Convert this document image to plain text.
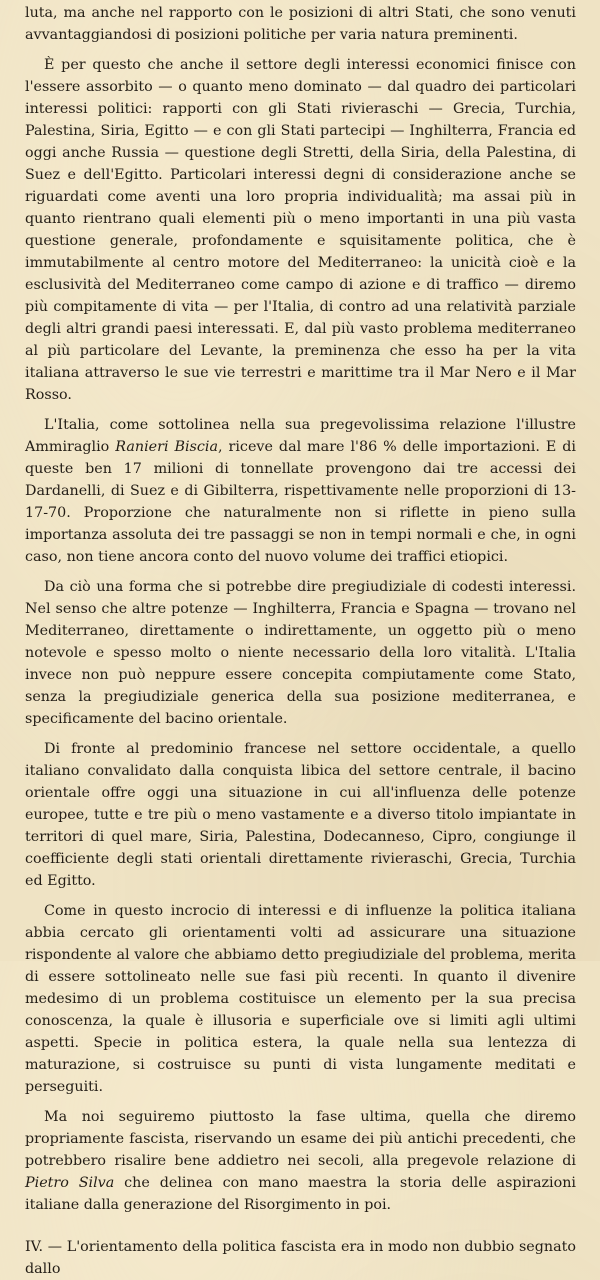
luta, ma anche nel rapporto con le posizioni di altri Stati, che sono venuti avvantaggiandosi di posizioni politiche per varia natura preminenti.

È per questo che anche il settore degli interessi economici finisce con l'essere assorbito — o quanto meno dominato — dal quadro dei particolari interessi politici: rapporti con gli Stati rivieraschi — Grecia, Turchia, Palestina, Siria, Egitto — e con gli Stati partecipi — Inghilterra, Francia ed oggi anche Russia — questione degli Stretti, della Siria, della Palestina, di Suez e dell'Egitto. Particolari interessi degni di considerazione anche se riguardati come aventi una loro propria individualità; ma assai più in quanto rientrano quali elementi più o meno importanti in una più vasta questione generale, profondamente e squisitamente politica, che è immutabilmente al centro motore del Mediterraneo: la unicità cioè e la esclusività del Mediterraneo come campo di azione e di traffico — diremo più compitamente di vita — per l'Italia, di contro ad una relatività parziale degli altri grandi paesi interessati. E, dal più vasto problema mediterraneo al più particolare del Levante, la preminenza che esso ha per la vita italiana attraverso le sue vie terrestri e marittime tra il Mar Nero e il Mar Rosso.

L'Italia, come sottolinea nella sua pregevolissima relazione l'illustre Ammiraglio Ranieri Biscia, riceve dal mare l'86 % delle importazioni. E di queste ben 17 milioni di tonnellate provengono dai tre accessi dei Dardanelli, di Suez e di Gibilterra, rispettivamente nelle proporzioni di 13-17-70. Proporzione che naturalmente non si riflette in pieno sulla importanza assoluta dei tre passaggi se non in tempi normali e che, in ogni caso, non tiene ancora conto del nuovo volume dei traffici etiopici.

Da ciò una forma che si potrebbe dire pregiudiziale di codesti interessi. Nel senso che altre potenze — Inghilterra, Francia e Spagna — trovano nel Mediterraneo, direttamente o indirettamente, un oggetto più o meno notevole e spesso molto o niente necessario della loro vitalità. L'Italia invece non può neppure essere concepita compiutamente come Stato, senza la pregiudiziale generica della sua posizione mediterranea, e specificamente del bacino orientale.

Di fronte al predominio francese nel settore occidentale, a quello italiano convalidato dalla conquista libica del settore centrale, il bacino orientale offre oggi una situazione in cui all'influenza delle potenze europee, tutte e tre più o meno vastamente e a diverso titolo impiantate in territori di quel mare, Siria, Palestina, Dodecanneso, Cipro, congiunge il coefficiente degli stati orientali direttamente rivieraschi, Grecia, Turchia ed Egitto.

Come in questo incrocio di interessi e di influenze la politica italiana abbia cercato gli orientamenti volti ad assicurare una situazione rispondente al valore che abbiamo detto pregiudiziale del problema, merita di essere sottolineato nelle sue fasi più recenti. In quanto il divenire medesimo di un problema costituisce un elemento per la sua precisa conoscenza, la quale è illusoria e superficiale ove si limiti agli ultimi aspetti. Specie in politica estera, la quale nella sua lentezza di maturazione, si costruisce su punti di vista lungamente meditati e perseguiti.

Ma noi seguiremo piuttosto la fase ultima, quella che diremo propriamente fascista, riservando un esame dei più antichi precedenti, che potrebbero risalire bene addietro nei secoli, alla pregevole relazione di Pietro Silva che delinea con mano maestra la storia delle aspirazioni italiane dalla generazione del Risorgimento in poi.

IV. — L'orientamento della politica fascista era in modo non dubbio segnato dallo
